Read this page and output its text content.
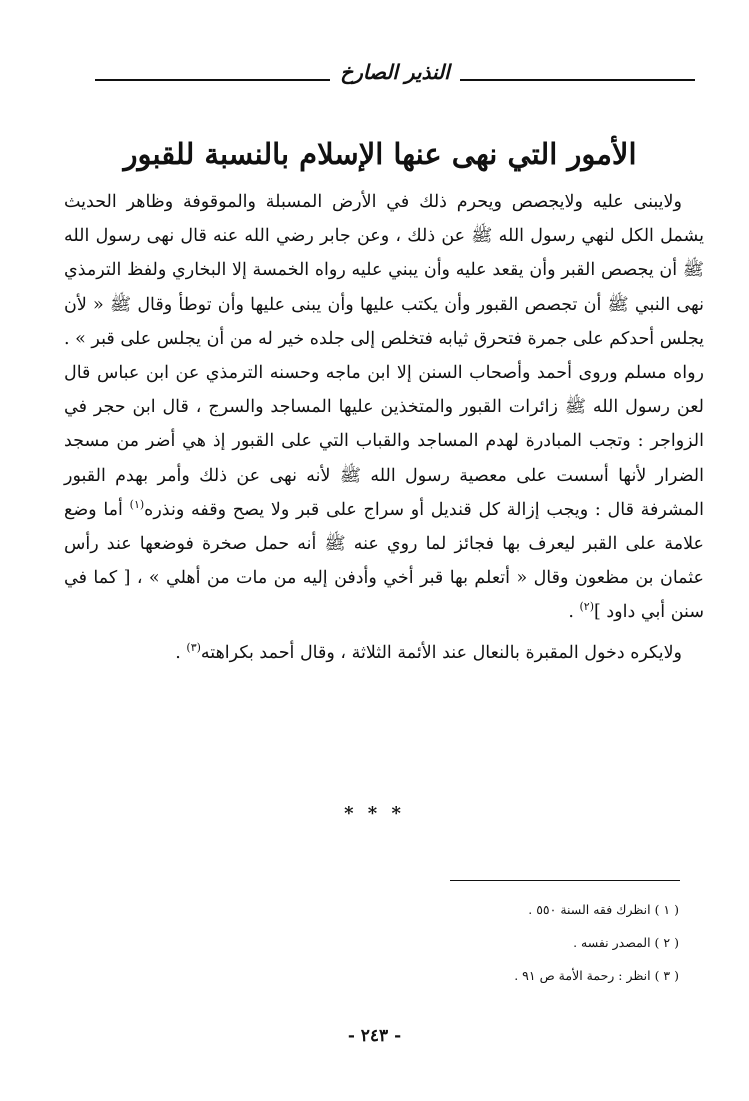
النذير الصارخ
الأمور التي نهى عنها الإسلام بالنسبة للقبور

ولايبنى عليه ولايجصص ويحرم ذلك في الأرض المسبلة والموقوفة وظاهر الحديث يشمل الكل لنهي رسول الله ﷺ عن ذلك ، وعن جابر رضي الله عنه قال نهى رسول الله ﷺ أن يجصص القبر وأن يقعد عليه وأن يبني عليه رواه الخمسة إلا البخاري ولفظ الترمذي نهى النبي ﷺ أن تجصص القبور وأن يكتب عليها وأن يبنى عليها وأن توطأ وقال ﷺ « لأن يجلس أحدكم على جمرة فتحرق ثيابه فتخلص إلى جلده خير له من أن يجلس على قبر » . رواه مسلم وروى أحمد وأصحاب السنن إلا ابن ماجه وحسنه الترمذي عن ابن عباس قال لعن رسول الله ﷺ زائرات القبور والمتخذين عليها المساجد والسرج ، قال ابن حجر في الزواجر : وتجب المبادرة لهدم المساجد والقباب التي على القبور إذ هي أضر من مسجد الضرار لأنها أسست على معصية رسول الله ﷺ لأنه نهى عن ذلك وأمر بهدم القبور المشرفة قال : ويجب إزالة كل قنديل أو سراج على قبر ولا يصح وقفه ونذره$^{(١)}$ أما وضع علامة على القبر ليعرف بها فجائز لما روي عنه ﷺ أنه حمل صخرة فوضعها عند رأس عثمان بن مظعون وقال « أتعلم بها قبر أخي وأدفن إليه من مات من أهلي » ، [ كما في سنن أبي داود ]$^{(٢)}$ .

ولايكره دخول المقبرة بالنعال عند الأئمة الثلاثة ، وقال أحمد بكراهته$^{(٣)}$ .

* * *
( ١ ) انظرك فقه السنة ٥٥٠ .
( ٢ ) المصدر نفسه .
( ٣ ) انظر : رحمة الأمة ص ٩١ .
- ٢٤٣ -
